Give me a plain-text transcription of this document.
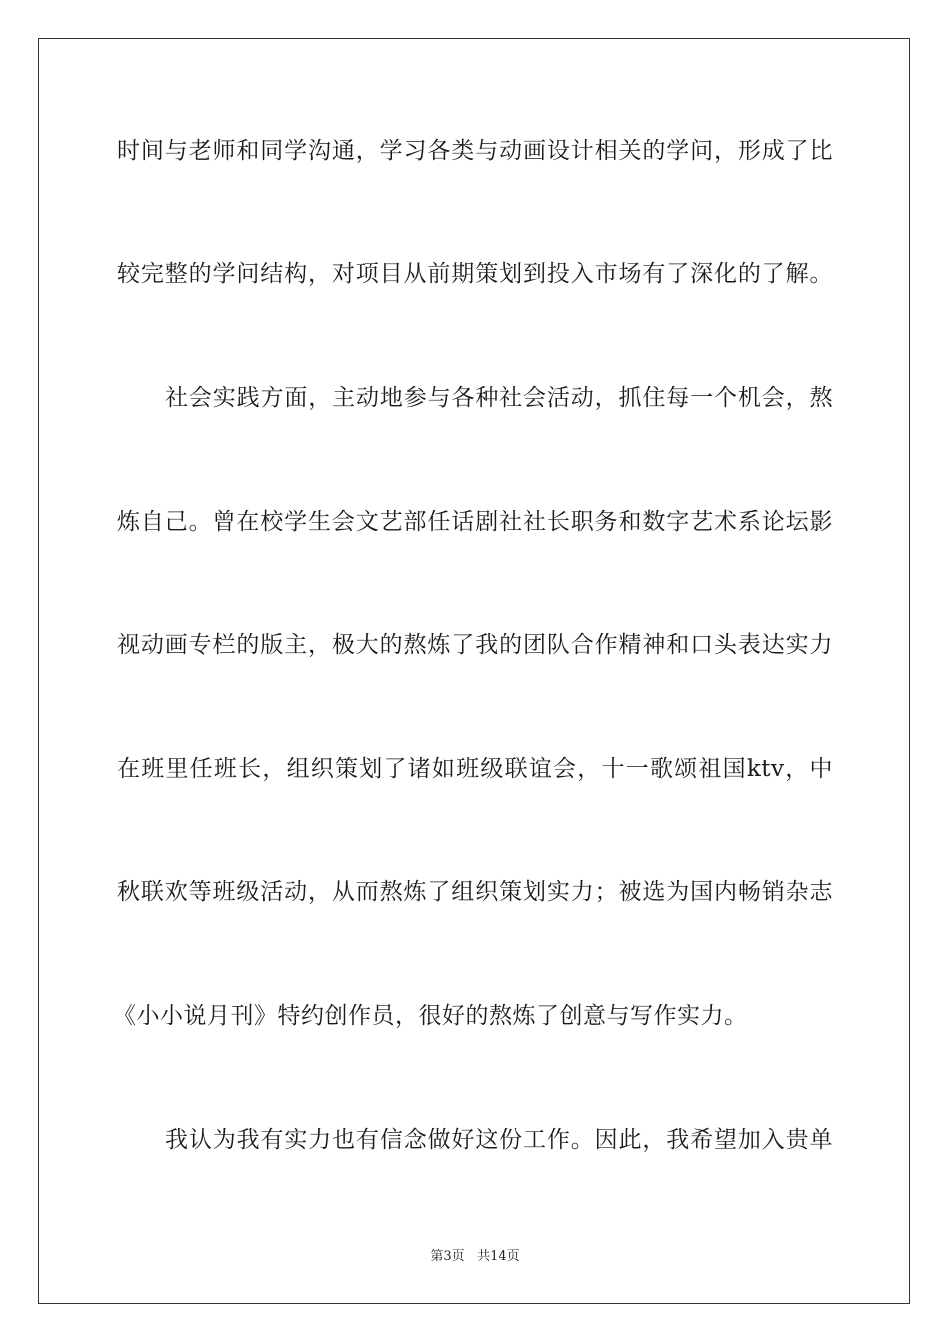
时间与老师和同学沟通，学习各类与动画设计相关的学问，形成了比
较完整的学问结构，对项目从前期策划到投入市场有了深化的了解。
社会实践方面，主动地参与各种社会活动，抓住每一个机会，熬
炼自己。曾在校学生会文艺部任话剧社社长职务和数字艺术系论坛影
视动画专栏的版主，极大的熬炼了我的团队合作精神和口头表达实力
在班里任班长，组织策划了诸如班级联谊会，十一歌颂祖国ktv，中
秋联欢等班级活动，从而熬炼了组织策划实力；被选为国内畅销杂志
《小小说月刊》特约创作员，很好的熬炼了创意与写作实力。
我认为我有实力也有信念做好这份工作。因此，我希望加入贵单
第3页 共14页
